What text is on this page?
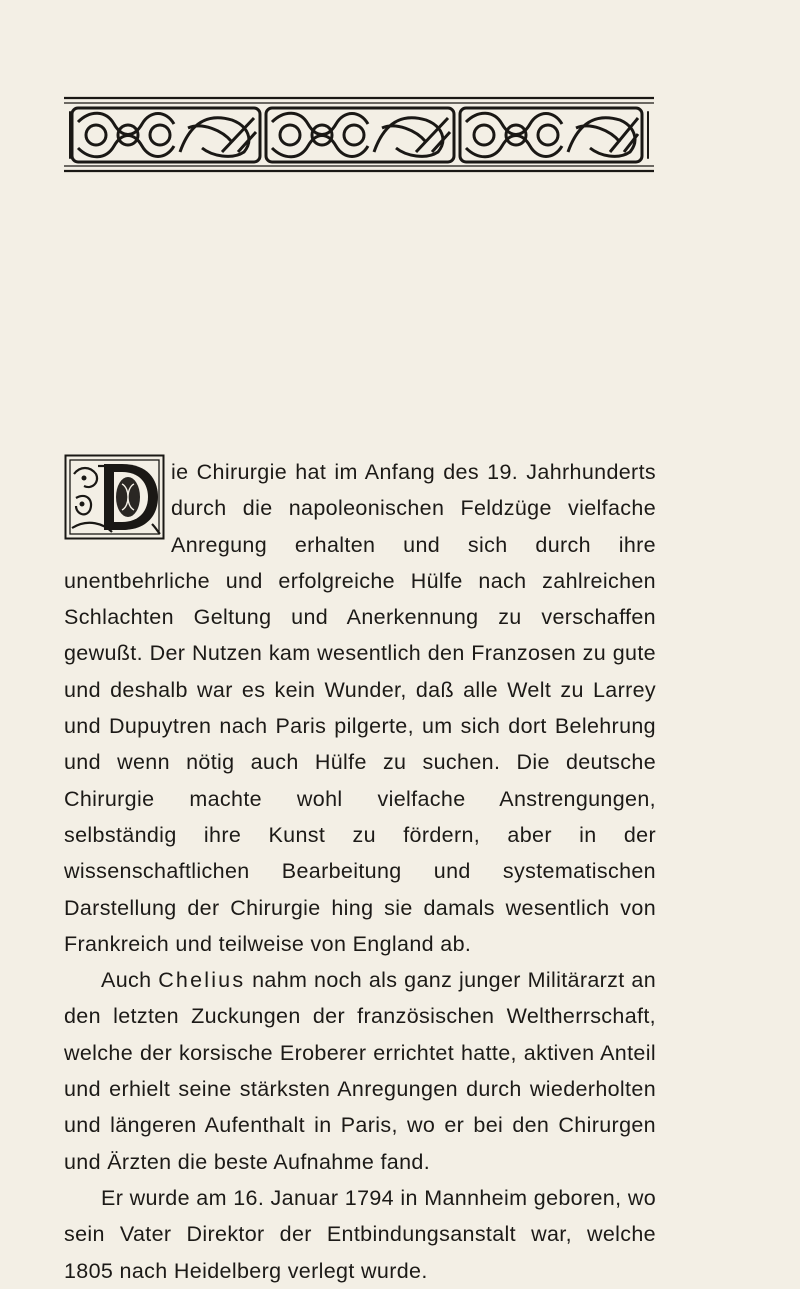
ie Chirurgie hat im Anfang des 19. Jahrhunderts durch die napoleonischen Feldzüge vielfache Anregung erhalten und sich durch ihre unentbehrliche und erfolgreiche Hülfe nach zahlreichen Schlachten Geltung und Anerkennung zu verschaffen gewußt. Der Nutzen kam wesentlich den Franzosen zu gute und deshalb war es kein Wunder, daß alle Welt zu Larrey und Dupuytren nach Paris pilgerte, um sich dort Belehrung und wenn nötig auch Hülfe zu suchen. Die deutsche Chirurgie machte wohl vielfache Anstrengungen, selbständig ihre Kunst zu fördern, aber in der wissenschaftlichen Bearbeitung und systematischen Darstellung der Chirurgie hing sie damals wesentlich von Frankreich und teilweise von England ab.

Auch Chelius nahm noch als ganz junger Militärarzt an den letzten Zuckungen der französischen Weltherrschaft, welche der korsische Eroberer errichtet hatte, aktiven Anteil und erhielt seine stärksten Anregungen durch wiederholten und längeren Aufenthalt in Paris, wo er bei den Chirurgen und Ärzten die beste Aufnahme fand.

Er wurde am 16. Januar 1794 in Mannheim geboren, wo sein Vater Direktor der Entbindungsanstalt war, welche 1805 nach Heidelberg verlegt wurde.
